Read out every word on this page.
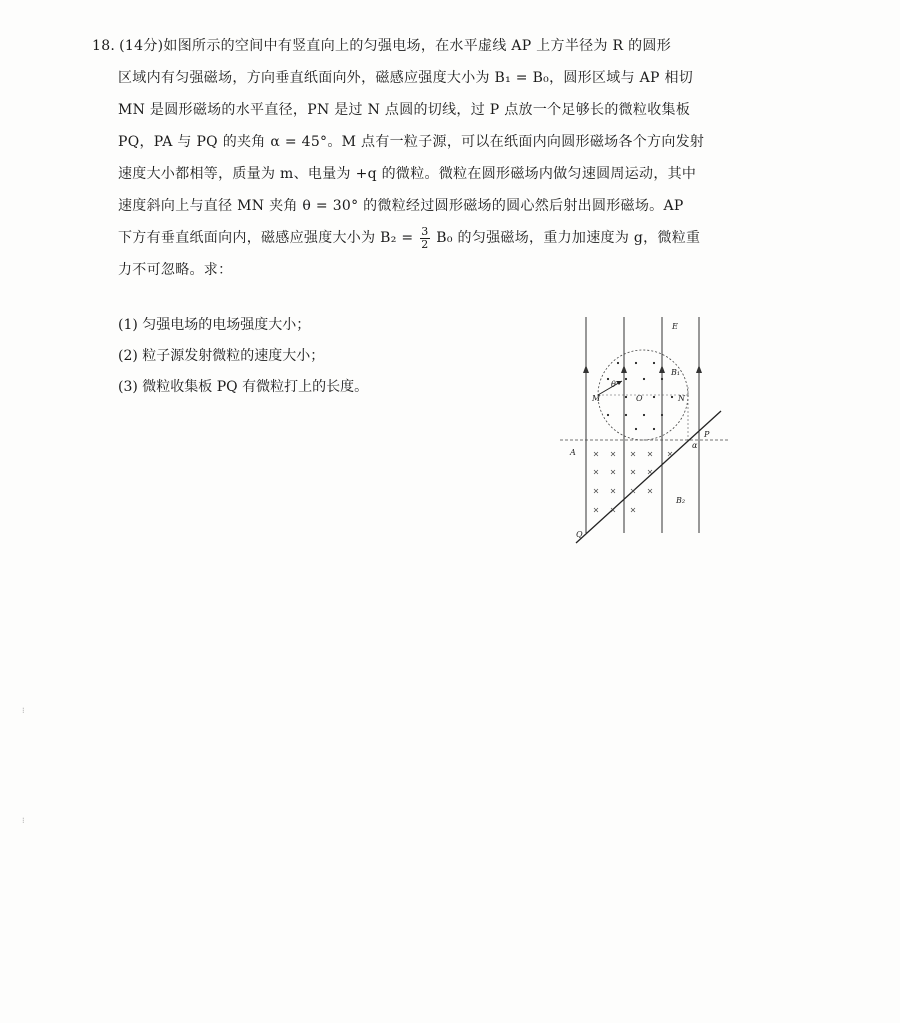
18. (14分)如图所示的空间中有竖直向上的匀强电场，在水平虚线 AP 上方半径为 R 的圆形
区域内有匀强磁场，方向垂直纸面向外，磁感应强度大小为 B₁ = B₀，圆形区域与 AP 相切
MN 是圆形磁场的水平直径，PN 是过 N 点圆的切线，过 P 点放一个足够长的微粒收集板
PQ，PA 与 PQ 的夹角 α = 45°。M 点有一粒子源，可以在纸面内向圆形磁场各个方向发射
速度大小都相等，质量为 m、电量为 +q 的微粒。微粒在圆形磁场内做匀速圆周运动，其中
速度斜向上与直径 MN 夹角 θ = 30° 的微粒经过圆形磁场的圆心然后射出圆形磁场。AP
下方有垂直纸面向内，磁感应强度大小为 $B_2 = \frac{3}{2} B_0$ 的匀强磁场，重力加速度为 g，微粒重
力不可忽略。求：
(1) 匀强电场的电场强度大小；
(2) 粒子源发射微粒的速度大小；
(3) 微粒收集板 PQ 有微粒打上的长度。
E
B₁
B₂
M	N
O
A
P
Q
θ
α
⁝
⁝
